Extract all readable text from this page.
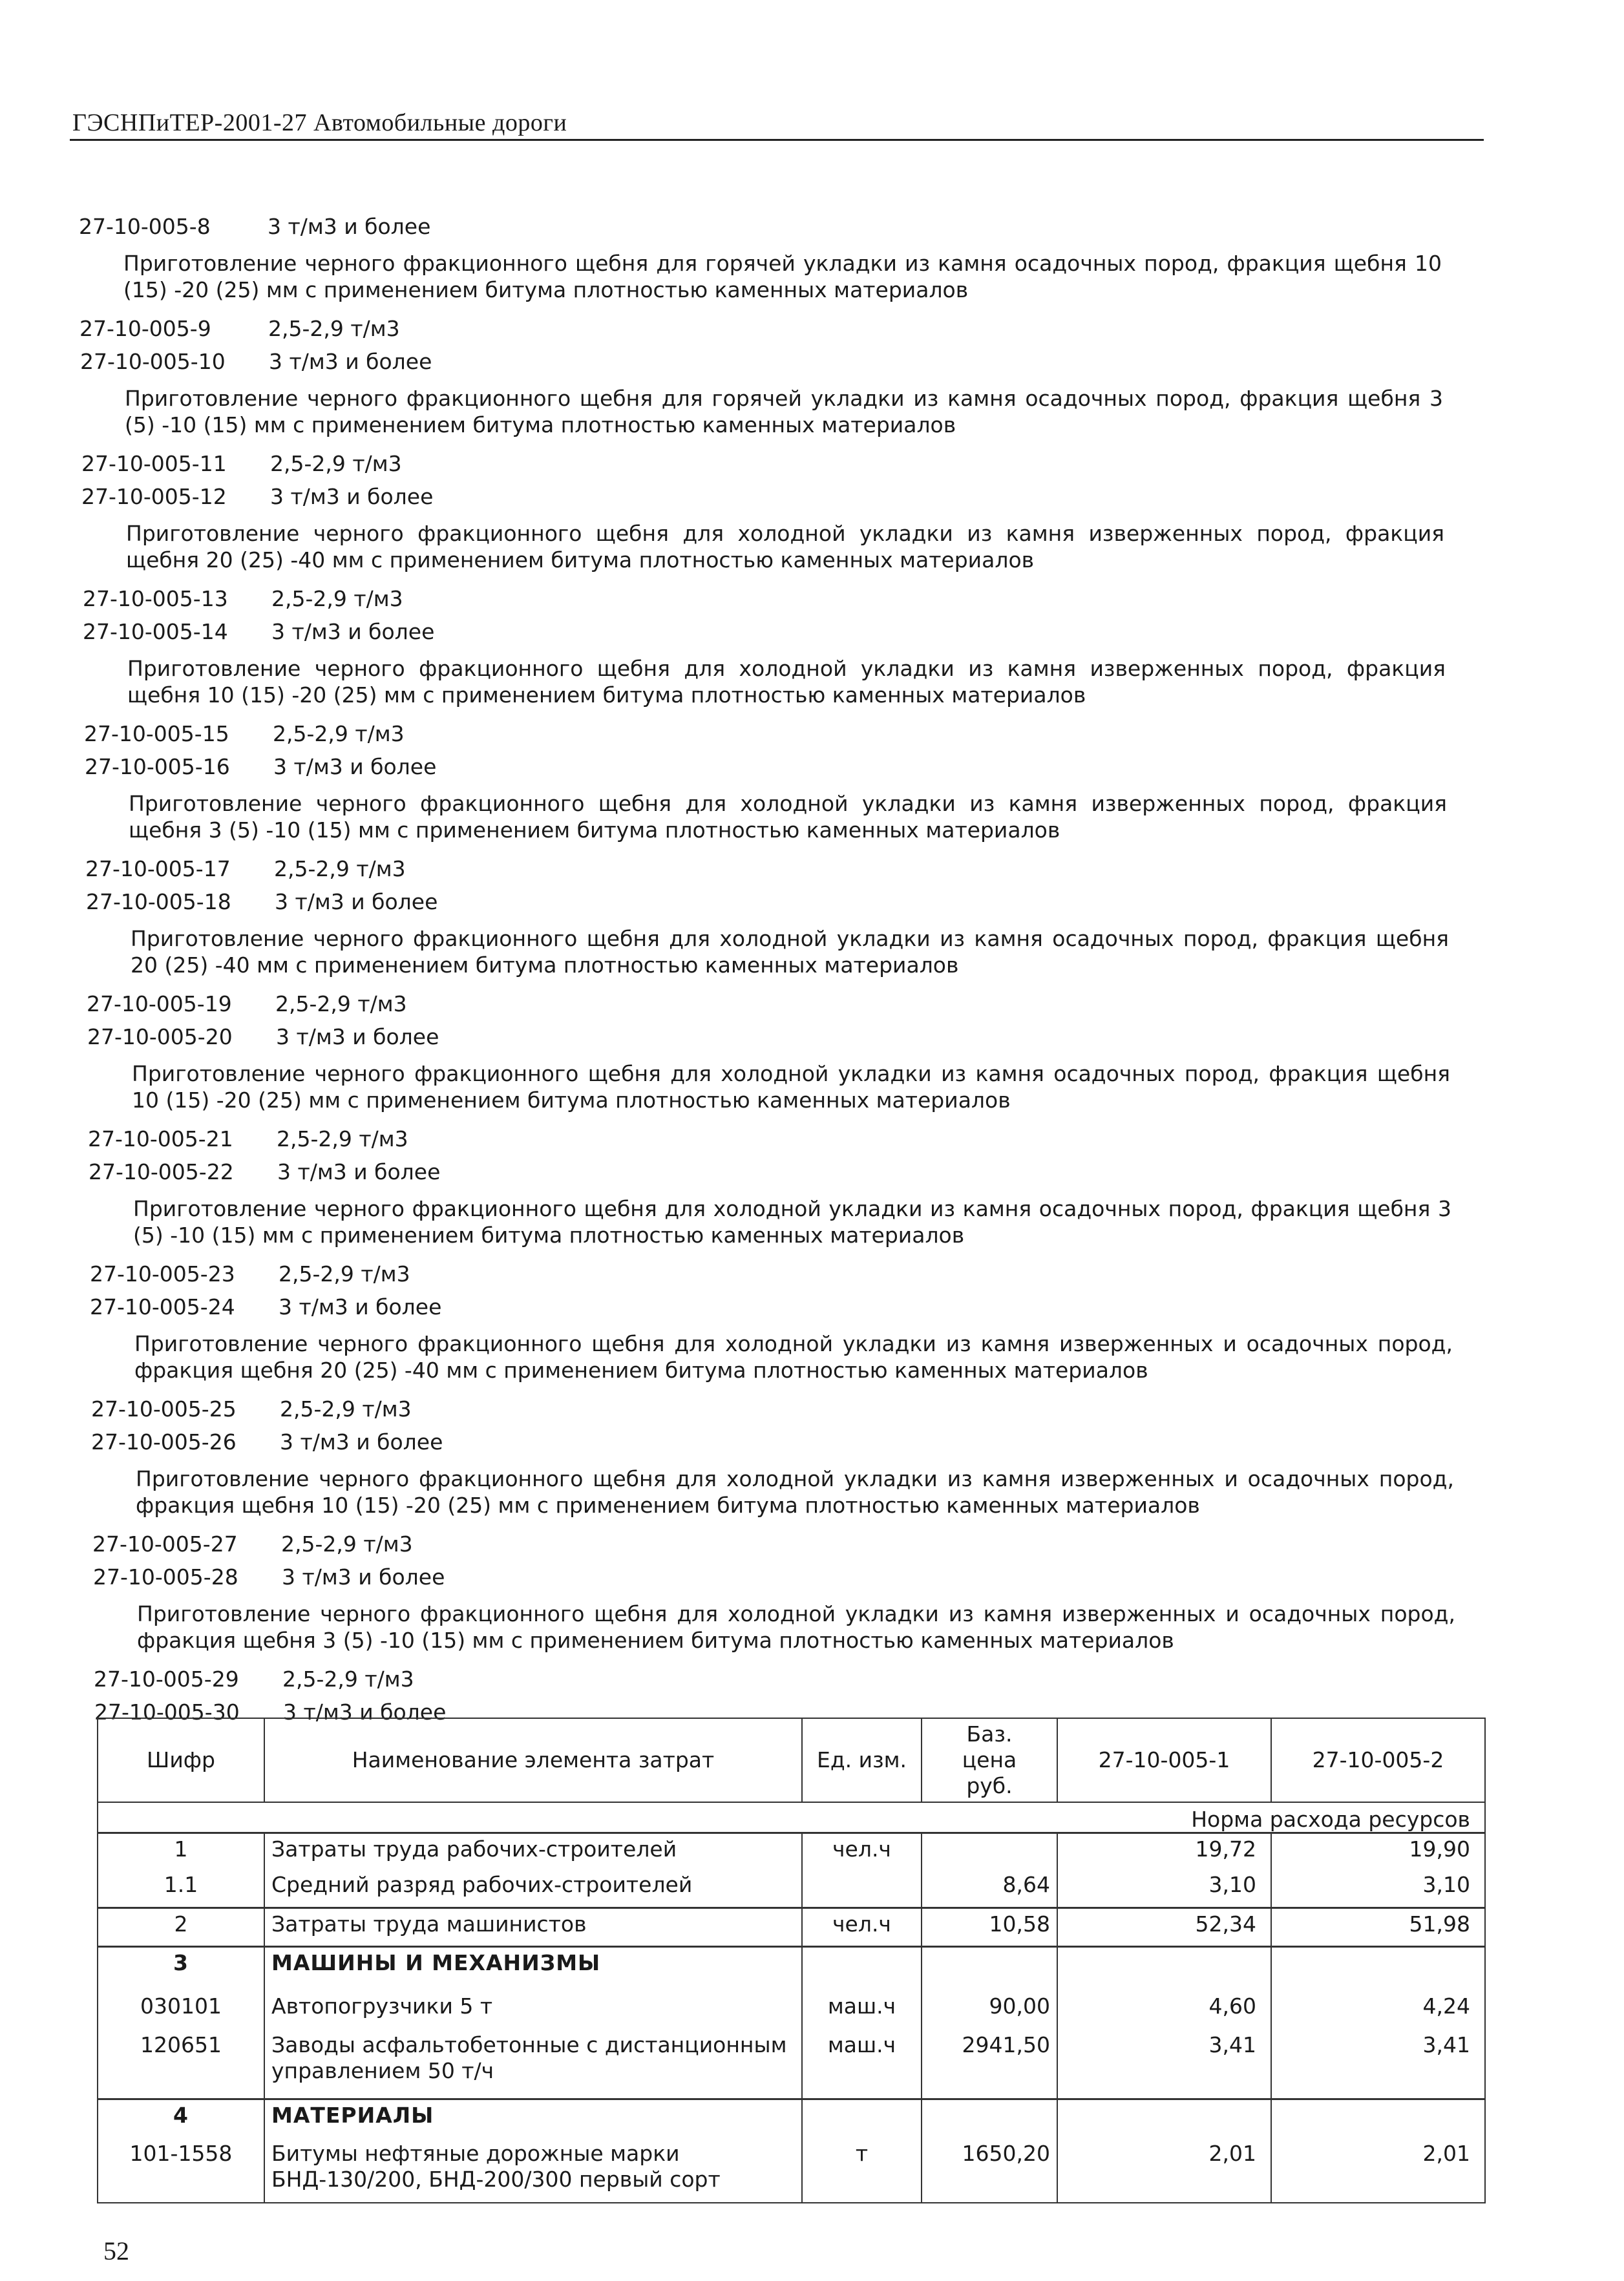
ГЭСНПиТЕР-2001-27 Автомобильные дороги
27-10-005-8	3 т/м3 и более
Приготовление черного фракционного щебня для горячей укладки из камня осадочных пород, фракция щебня 10 (15) -20 (25) мм с применением битума плотностью каменных материалов
27-10-005-9	2,5-2,9 т/м3
27-10-005-10 3 т/м3 и более
Приготовление черного фракционного щебня для горячей укладки из камня осадочных пород, фракция щебня 3 (5) -10 (15) мм с применением битума плотностью каменных материалов
27-10-005-11 2,5-2,9 т/м3
27-10-005-12 3 т/м3 и более
Приготовление черного фракционного щебня для холодной укладки из камня изверженных пород, фракция щебня 20 (25) -40 мм с применением битума плотностью каменных материалов
27-10-005-13 2,5-2,9 т/м3
27-10-005-14 3 т/м3 и более
Приготовление черного фракционного щебня для холодной укладки из камня изверженных пород, фракция щебня 10 (15) -20 (25) мм с применением битума плотностью каменных материалов
27-10-005-15 2,5-2,9 т/м3
27-10-005-16 3 т/м3 и более
Приготовление черного фракционного щебня для холодной укладки из камня изверженных пород, фракция щебня 3 (5) -10 (15) мм с применением битума плотностью каменных материалов
27-10-005-17 2,5-2,9 т/м3
27-10-005-18 3 т/м3 и более
Приготовление черного фракционного щебня для холодной укладки из камня осадочных пород, фракция щебня 20 (25) -40 мм с применением битума плотностью каменных материалов
27-10-005-19 2,5-2,9 т/м3
27-10-005-20 3 т/м3 и более
Приготовление черного фракционного щебня для холодной укладки из камня осадочных пород, фракция щебня 10 (15) -20 (25) мм с применением битума плотностью каменных материалов
27-10-005-21 2,5-2,9 т/м3
27-10-005-22 3 т/м3 и более
Приготовление черного фракционного щебня для холодной укладки из камня осадочных пород, фракция щебня 3 (5) -10 (15) мм с применением битума плотностью каменных материалов
27-10-005-23 2,5-2,9 т/м3
27-10-005-24 3 т/м3 и более
Приготовление черного фракционного щебня для холодной укладки из камня изверженных и осадочных пород, фракция щебня 20 (25) -40 мм с применением битума плотностью каменных материалов
27-10-005-25 2,5-2,9 т/м3
27-10-005-26 3 т/м3 и более
Приготовление черного фракционного щебня для холодной укладки из камня изверженных и осадочных пород, фракция щебня 10 (15) -20 (25) мм с применением битума плотностью каменных материалов
27-10-005-27 2,5-2,9 т/м3
27-10-005-28 3 т/м3 и более
Приготовление черного фракционного щебня для холодной укладки из камня изверженных и осадочных пород, фракция щебня 3 (5) -10 (15) мм с применением битума плотностью каменных материалов
27-10-005-29 2,5-2,9 т/м3
27-10-005-30 3 т/м3 и более
Шифр	Наименование элемента затрат	Ед. изм.	Баз. цена руб.	27-10-005-1	27-10-005-2
Норма расхода ресурсов					
1	Затраты труда рабочих-строителей	чел.ч		19,72	19,90
1.1	Средний разряд рабочих-строителей		8,64	3,10	3,10
2	Затраты труда машинистов	чел.ч	10,58	52,34	51,98
3	МАШИНЫ И МЕХАНИЗМЫ				
030101	Автопогрузчики 5 т	маш.ч	90,00	4,60	4,24
120651	Заводы асфальтобетонные с дистанционным управлением 50 т/ч	маш.ч	2941,50	3,41	3,41
4	МАТЕРИАЛЫ				
101-1558	Битумы нефтяные дорожные марки БНД-130/200, БНД-200/300 первый сорт	т	1650,20	2,01	2,01
52
